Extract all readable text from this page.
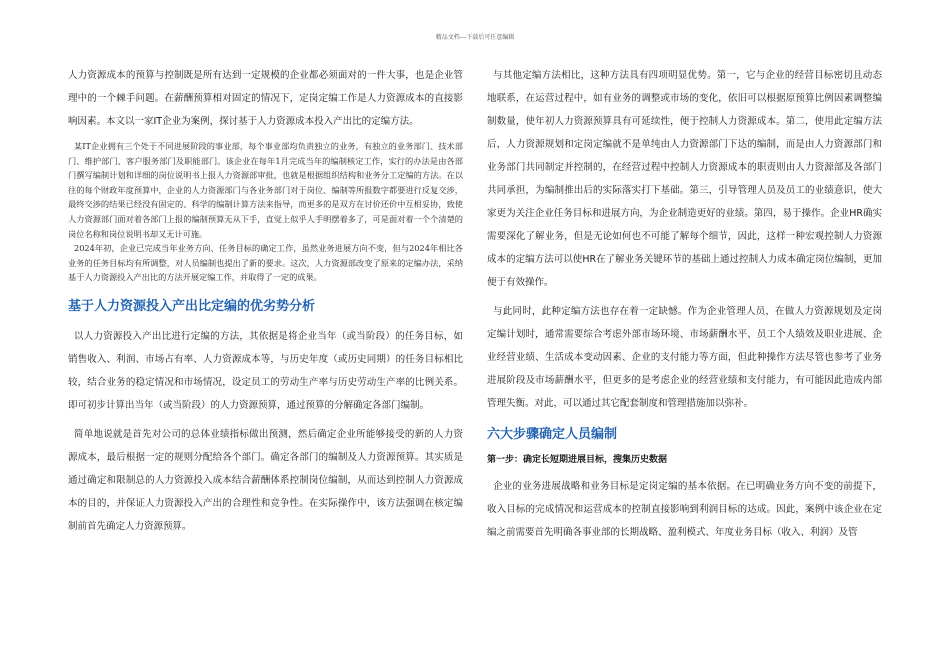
精品文档---下载后可任意编辑

人力资源成本的预算与控制既是所有达到一定规模的企业都必须面对的一件大事，也是企业管理中的一个棘手问题。在薪酬预算相对固定的情况下，定岗定编工作是人力资源成本的直接影响因素。本文以一家IT企业为案例，探讨基于人力资源成本投入产出比的定编方法。

某IT企业拥有三个处于不同进展阶段的事业部，每个事业部均负责独立的业务，有独立的业务部门、技术部门、维护部门、客户服务部门及职能部门。该企业在每年1月完成当年的编制核定工作，实行的办法是由各部门撰写编制计划和详细的岗位说明书上报人力资源部审批，也就是根据组织结构和业务分工定编的方法。在以往的每个财政年度预算中，企业的人力资源部门与各业务部门对于岗位、编制等所报数字都要进行反复交涉，最终交涉的结果已经没有固定的、科学的编制计算方法来指导，而更多的是双方在讨价还价中互相妥协，致使人力资源部门面对着各部门上报的编制预算无从下手，直觉上似乎人手明摆着多了，可是面对着一个个清楚的岗位名称和岗位说明书却又无计可施。

2024年初，企业已完成当年业务方向、任务目标的确定工作，虽然业务进展方向不变，但与2024年相比各业务的任务目标均有所调整，对人员编制也提出了新的要求。这次，人力资源部改变了原来的定编办法，采纳基于人力资源投入产出比的方法开展定编工作，并取得了一定的成果。

基于人力资源投入产出比定编的优劣势分析

以人力资源投入产出比进行定编的方法，其依据是将企业当年（或当阶段）的任务目标，如销售收入、利润、市场占有率、人力资源成本等，与历史年度（或历史同期）的任务目标相比较，结合业务的稳定情况和市场情况，设定员工的劳动生产率与历史劳动生产率的比例关系。即可初步计算出当年（或当阶段）的人力资源预算，通过预算的分解确定各部门编制。

简单地说就是首先对公司的总体业绩指标做出预测，然后确定企业所能够接受的新的人力资源成本，最后根据一定的规则分配给各个部门。确定各部门的编制及人力资源预算。其实质是通过确定和限制总的人力资源投入成本结合薪酬体系控制岗位编制，从而达到控制人力资源成本的目的，并保证人力资源投入产出的合理性和竞争性。在实际操作中，该方法强调在核定编制前首先确定人力资源预算。

与其他定编方法相比，这种方法具有四项明显优势。第一，它与企业的经营目标密切且动态地联系，在运营过程中，如有业务的调整或市场的变化，依旧可以根据原预算比例因素调整编制数量，使年初人力资源预算具有可延续性，便于控制人力资源成本。第二，使用此定编方法后，人力资源规划和定岗定编就不是单纯由人力资源部门下达的编制，而是由人力资源部门和业务部门共同制定并控制的，在经营过程中控制人力资源成本的职责则由人力资源部及各部门共同承担，为编制推出后的实际落实打下基础。第三，引导管理人员及员工的业绩意识，使大家更为关注企业任务目标和进展方向，为企业制造更好的业绩。第四，易于操作。企业HR确实需要深化了解业务，但是无论如何也不可能了解每个细节，因此，这样一种宏观控制人力资源成本的定编方法可以使HR在了解业务关键环节的基础上通过控制人力成本确定岗位编制，更加便于有效操作。

与此同时，此种定编方法也存在着一定缺憾。作为企业管理人员，在做人力资源规划及定岗定编计划时，通常需要综合考虑外部市场环境、市场薪酬水平、员工个人绩效及职业进展、企业经营业绩、生活成本变动因素、企业的支付能力等方面，但此种操作方法尽管也参考了业务进展阶段及市场薪酬水平，但更多的是考虑企业的经营业绩和支付能力，有可能因此造成内部管理失衡。对此，可以通过其它配套制度和管理措施加以弥补。

六大步骤确定人员编制
第一步：确定长短期进展目标，搜集历史数据

企业的业务进展战略和业务目标是定岗定编的基本依据。在已明确业务方向不变的前提下，收入目标的完成情况和运营成本的控制直接影响到利润目标的达成。因此，案例中该企业在定编之前需要首先明确各事业部的长期战略、盈利模式、年度业务目标（收入、利润）及管
